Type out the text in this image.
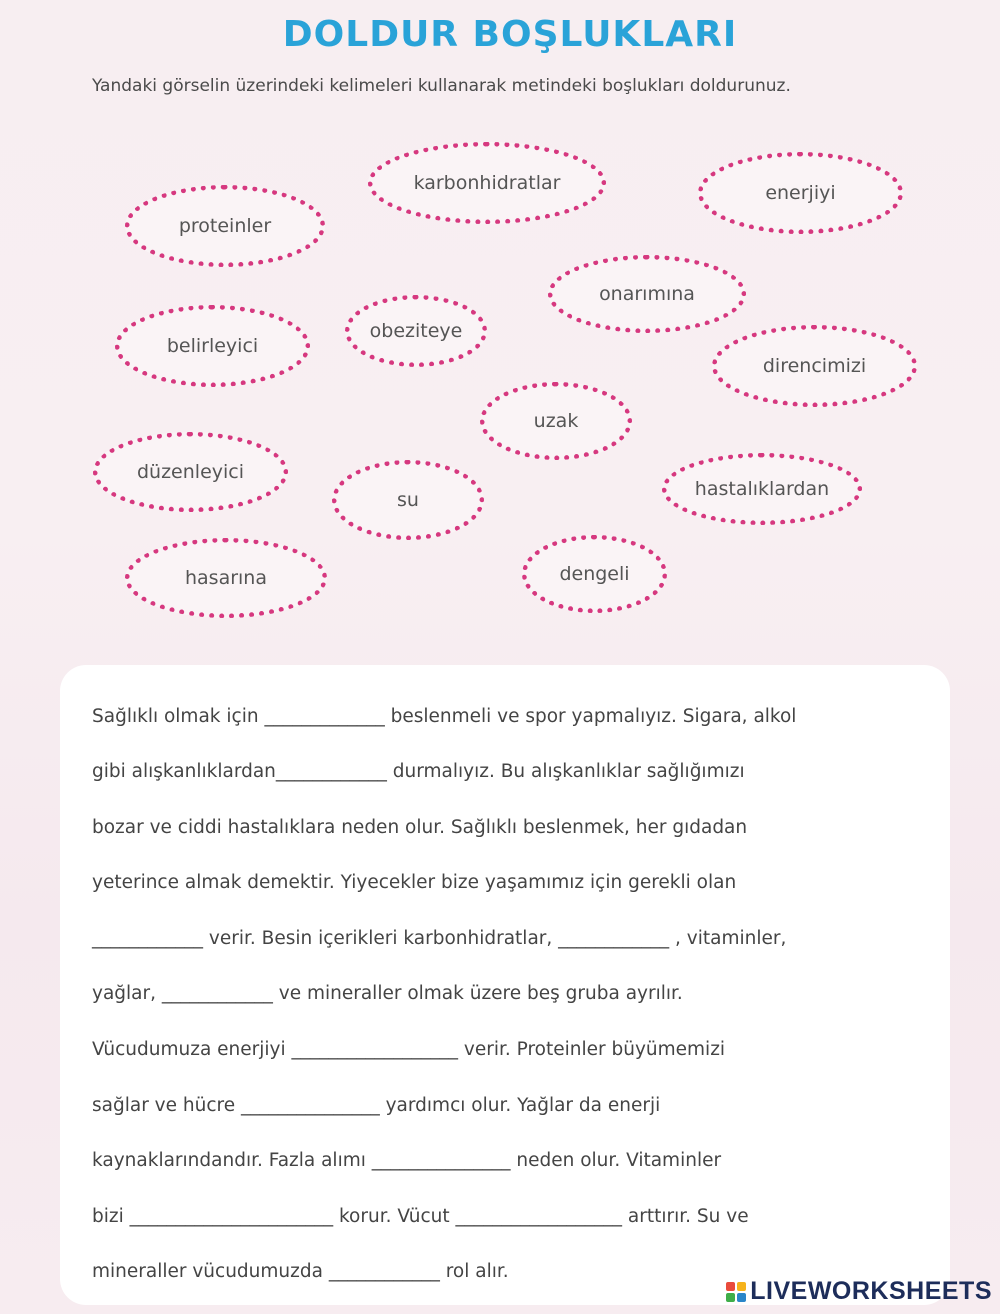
DOLDUR BOŞLUKLARI
Yandaki görselin üzerindeki kelimeleri kullanarak metindeki boşlukları doldurunuz.
karbonhidratlar	enerjiyi
proteinler
onarımına
obeziteye
belirleyici
direncimizi
uzak
düzenleyici
su	hastalıklardan
hasarına	dengeli
Sağlıklı olmak için _____________ beslenmeli ve spor yapmalıyız. Sigara, alkol
gibi alışkanlıklardan____________ durmalıyız. Bu alışkanlıklar sağlığımızı
bozar ve ciddi hastalıklara neden olur. Sağlıklı beslenmek, her gıdadan
yeterince almak demektir. Yiyecekler bize yaşamımız için gerekli olan
____________ verir. Besin içerikleri karbonhidratlar, ____________ , vitaminler,
yağlar, ____________ ve mineraller olmak üzere beş gruba ayrılır.
Vücudumuza enerjiyi __________________ verir. Proteinler büyümemizi
sağlar ve hücre _______________ yardımcı olur. Yağlar da enerji
kaynaklarındandır. Fazla alımı _______________ neden olur. Vitaminler
bizi ______________________ korur. Vücut __________________ arttırır. Su ve
mineraller vücudumuzda ____________ rol alır.
LIVEWORKSHEETS
